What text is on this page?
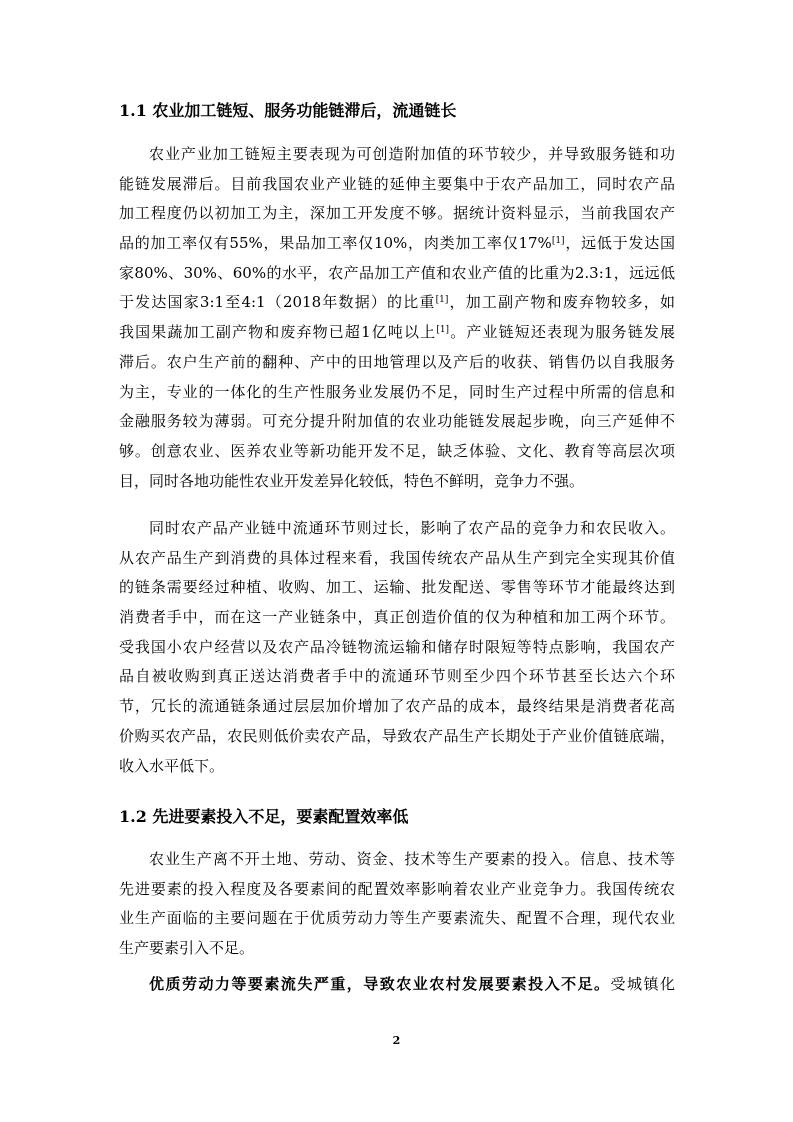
1.1 农业加工链短、服务功能链滞后，流通链长
农业产业加工链短主要表现为可创造附加值的环节较少，并导致服务链和功
能链发展滞后。目前我国农业产业链的延伸主要集中于农产品加工，同时农产品
加工程度仍以初加工为主，深加工开发度不够。据统计资料显示，当前我国农产
品的加工率仅有55%，果品加工率仅10%，肉类加工率仅17%[1]，远低于发达国
家80%、30%、60%的水平，农产品加工产值和农业产值的比重为2.3:1，远远低
于发达国家3:1至4:1（2018年数据）的比重[1]，加工副产物和废弃物较多，如
我国果蔬加工副产物和废弃物已超1亿吨以上[1]。产业链短还表现为服务链发展
滞后。农户生产前的翻种、产中的田地管理以及产后的收获、销售仍以自我服务
为主，专业的一体化的生产性服务业发展仍不足，同时生产过程中所需的信息和
金融服务较为薄弱。可充分提升附加值的农业功能链发展起步晚，向三产延伸不
够。创意农业、医养农业等新功能开发不足，缺乏体验、文化、教育等高层次项
目，同时各地功能性农业开发差异化较低，特色不鲜明，竞争力不强。
同时农产品产业链中流通环节则过长，影响了农产品的竞争力和农民收入。
从农产品生产到消费的具体过程来看，我国传统农产品从生产到完全实现其价值
的链条需要经过种植、收购、加工、运输、批发配送、零售等环节才能最终达到
消费者手中，而在这一产业链条中，真正创造价值的仅为种植和加工两个环节。
受我国小农户经营以及农产品冷链物流运输和储存时限短等特点影响，我国农产
品自被收购到真正送达消费者手中的流通环节则至少四个环节甚至长达六个环
节，冗长的流通链条通过层层加价增加了农产品的成本，最终结果是消费者花高
价购买农产品，农民则低价卖农产品，导致农产品生产长期处于产业价值链底端，
收入水平低下。
1.2 先进要素投入不足，要素配置效率低
农业生产离不开土地、劳动、资金、技术等生产要素的投入。信息、技术等
先进要素的投入程度及各要素间的配置效率影响着农业产业竞争力。我国传统农
业生产面临的主要问题在于优质劳动力等生产要素流失、配置不合理，现代农业
生产要素引入不足。
优质劳动力等要素流失严重，导致农业农村发展要素投入不足。受城镇化
2
